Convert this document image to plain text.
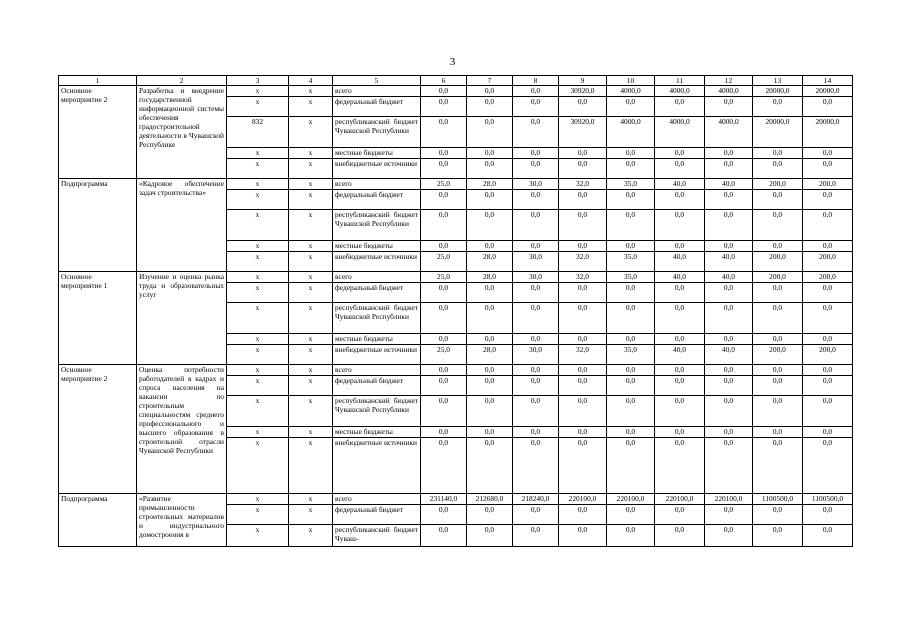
3
1	2	3	4	5	6	7	8	9	10	11	12	13	14
Основное мероприятие 2	Разработка и внедрение государственной информационной системы обеспечения градостроительной деятельности в Чувашской Республике	x	x	всего	0,0	0,0	0,0	30920,0	4000,0	4000,0	4000,0	20000,0	20000,0
		x	x	федеральный бюджет	0,0	0,0	0,0	0,0	0,0	0,0	0,0	0,0	0,0
		832	x	республиканский бюджет Чувашской Республики	0,0	0,0	0,0	30920,0	4000,0	4000,0	4000,0	20000,0	20000,0
		x	x	местные бюджеты	0,0	0,0	0,0	0,0	0,0	0,0	0,0	0,0	0,0
		x	x	внебюджетные источники	0,0	0,0	0,0	0,0	0,0	0,0	0,0	0,0	0,0
Подпрограмма	«Кадровое обеспечение задач строительства»	x	x	всего	25,0	28,0	30,0	32,0	35,0	40,0	40,0	200,0	200,0
		x	x	федеральный бюджет	0,0	0,0	0,0	0,0	0,0	0,0	0,0	0,0	0,0
		x	x	республиканский бюджет Чувашской Республики	0,0	0,0	0,0	0,0	0,0	0,0	0,0	0,0	0,0
		x	x	местные бюджеты	0,0	0,0	0,0	0,0	0,0	0,0	0,0	0,0	0,0
		x	x	внебюджетные источники	25,0	28,0	30,0	32,0	35,0	40,0	40,0	200,0	200,0
Основное мероприятие 1	Изучение и оценка рынка труда и образовательных услуг	x	x	всего	25,0	28,0	30,0	32,0	35,0	40,0	40,0	200,0	200,0
		x	x	федеральный бюджет	0,0	0,0	0,0	0,0	0,0	0,0	0,0	0,0	0,0
		x	x	республиканский бюджет Чувашской Республики	0,0	0,0	0,0	0,0	0,0	0,0	0,0	0,0	0,0
		x	x	местные бюджеты	0,0	0,0	0,0	0,0	0,0	0,0	0,0	0,0	0,0
		x	x	внебюджетные источники	25,0	28,0	30,0	32,0	35,0	40,0	40,0	200,0	200,0
Основное мероприятие 2	Оценка потребности работодателей в кадрах и спроса населения на вакансии по строительным специальностям среднего профессионального и высшего образования в строительной отрасли Чувашской Республики	x	x	всего	0,0	0,0	0,0	0,0	0,0	0,0	0,0	0,0	0,0
		x	x	федеральный бюджет	0,0	0,0	0,0	0,0	0,0	0,0	0,0	0,0	0,0
		x	x	республиканский бюджет Чувашской Республики	0,0	0,0	0,0	0,0	0,0	0,0	0,0	0,0	0,0
		x	x	местные бюджеты	0,0	0,0	0,0	0,0	0,0	0,0	0,0	0,0	0,0
		x	x	внебюджетные источники	0,0	0,0	0,0	0,0	0,0	0,0	0,0	0,0	0,0
Подпрограмма	«Развитие промышленности строительных материалов и индустриального домостроения в	x	x	всего	231140,0	212680,0	218240,0	220100,0	220100,0	220100,0	220100,0	1100500,0	1100500,0
		x	x	федеральный бюджет	0,0	0,0	0,0	0,0	0,0	0,0	0,0	0,0	0,0
		x	x	республиканский бюджет Чуваш-	0,0	0,0	0,0	0,0	0,0	0,0	0,0	0,0	0,0
